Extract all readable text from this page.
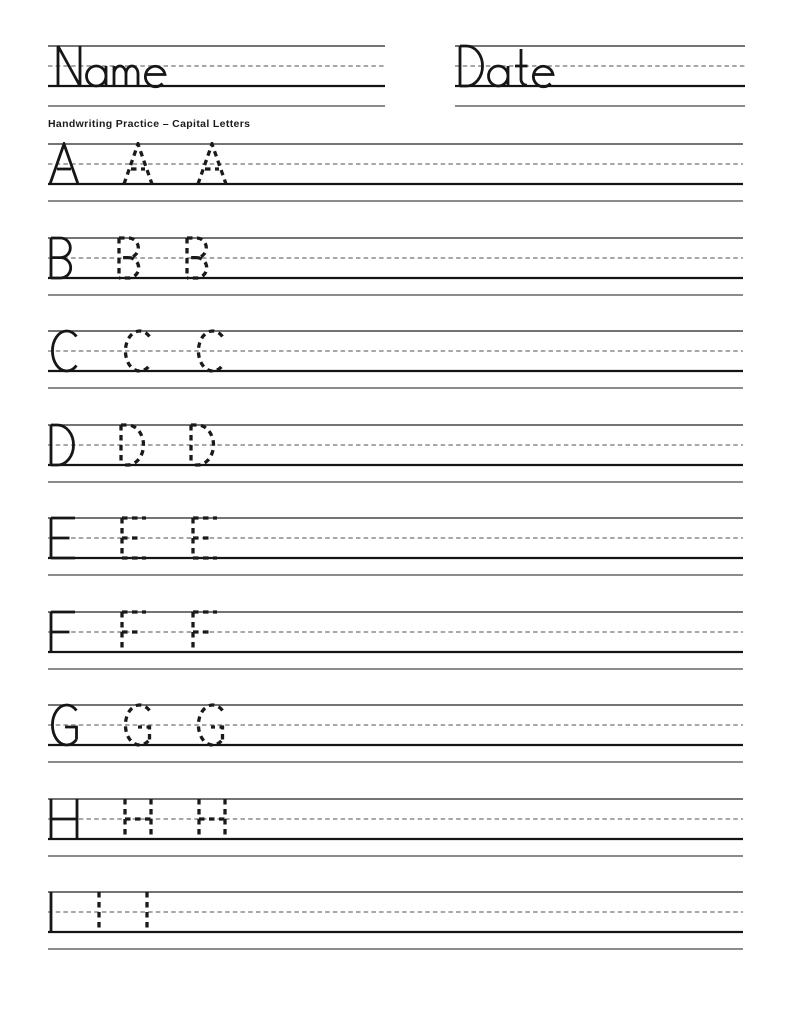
Handwriting Practice – Capital Letters
